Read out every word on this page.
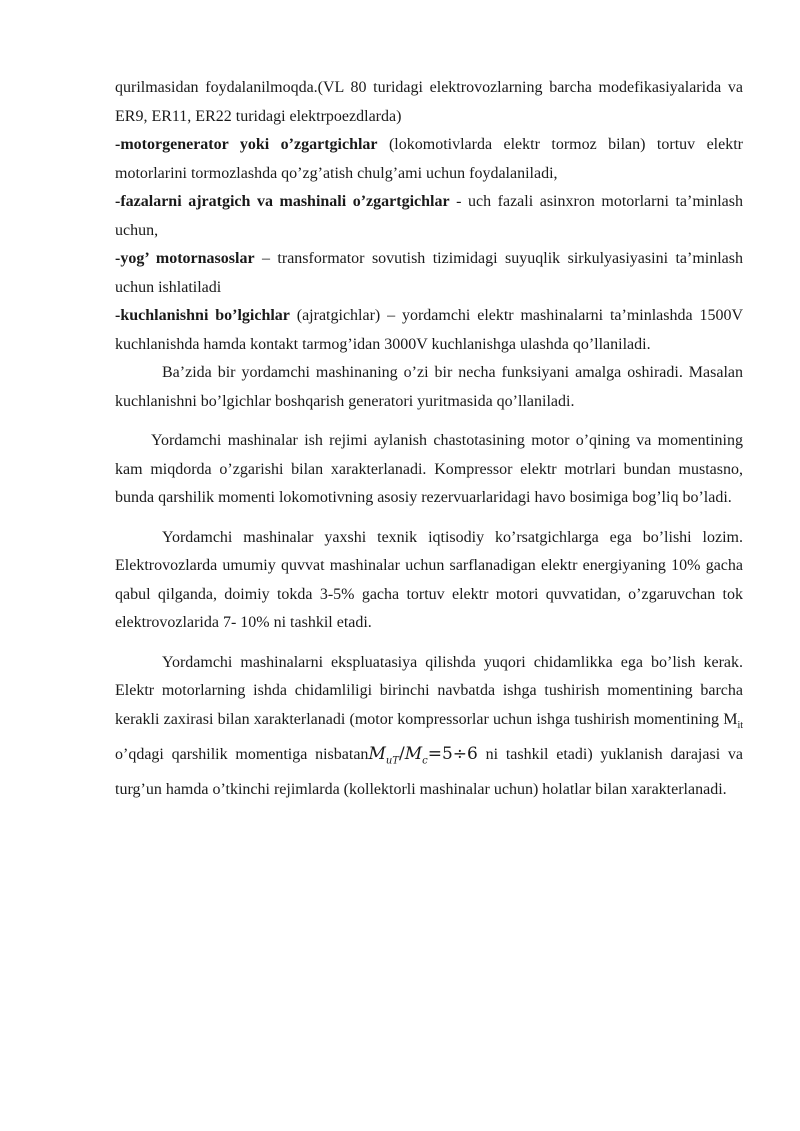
qurilmasidan foydalanilmoqda.(VL 80 turidagi elektrovozlarning barcha modefikasiyalarida va ER9, ER11, ER22 turidagi elektrpoezdlarda)

-motorgenerator yoki o’zgartgichlar (lokomotivlarda elektr tormoz bilan) tortuv elektr motorlarini tormozlashda qo’zg’atish chulg’ami uchun foydalaniladi,

-fazalarni ajratgich va mashinali o’zgartgichlar - uch fazali asinxron motorlarni ta’minlash uchun,

-yog’ motornasoslar – transformator sovutish tizimidagi suyuqlik sirkulyasiyasini ta’minlash uchun ishlatiladi

-kuchlanishni bo’lgichlar (ajratgichlar) – yordamchi elektr mashinalarni ta’minlashda 1500V kuchlanishda hamda kontakt tarmog’idan 3000V kuchlanishga ulashda qo’llaniladi.

Ba’zida bir yordamchi mashinaning o’zi bir necha funksiyani amalga oshiradi. Masalan kuchlanishni bo’lgichlar boshqarish generatori yuritmasida qo’llaniladi.

Yordamchi mashinalar ish rejimi aylanish chastotasining motor o’qining va momentining kam miqdorda o’zgarishi bilan xarakterlanadi. Kompressor elektr motrlari bundan mustasno, bunda qarshilik momenti lokomotivning asosiy rezervuarlaridagi havo bosimiga bog’liq bo’ladi.

Yordamchi mashinalar yaxshi texnik iqtisodiy ko’rsatgichlarga ega bo’lishi lozim. Elektrovozlarda umumiy quvvat mashinalar uchun sarflanadigan elektr energiyaning 10% gacha qabul qilganda, doimiy tokda 3-5% gacha tortuv elektr motori quvvatidan, o’zgaruvchan tok elektrovozlarida 7- 10% ni tashkil etadi.

Yordamchi mashinalarni ekspluatasiya qilishda yuqori chidamlikka ega bo’lish kerak. Elektr motorlarning ishda chidamliligi birinchi navbatda ishga tushirish momentining barcha kerakli zaxirasi bilan xarakterlanadi (motor kompressorlar uchun ishga tushirish momentining $M_{it}$ o’qdagi qarshilik momentiga $nisbatanM_{uT}/M_c=5\div 6$ ni tashkil etadi) yuklanish darajasi va turg’un hamda o’tkinchi rejimlarda (kollektorli mashinalar uchun) holatlar bilan xarakterlanadi.
